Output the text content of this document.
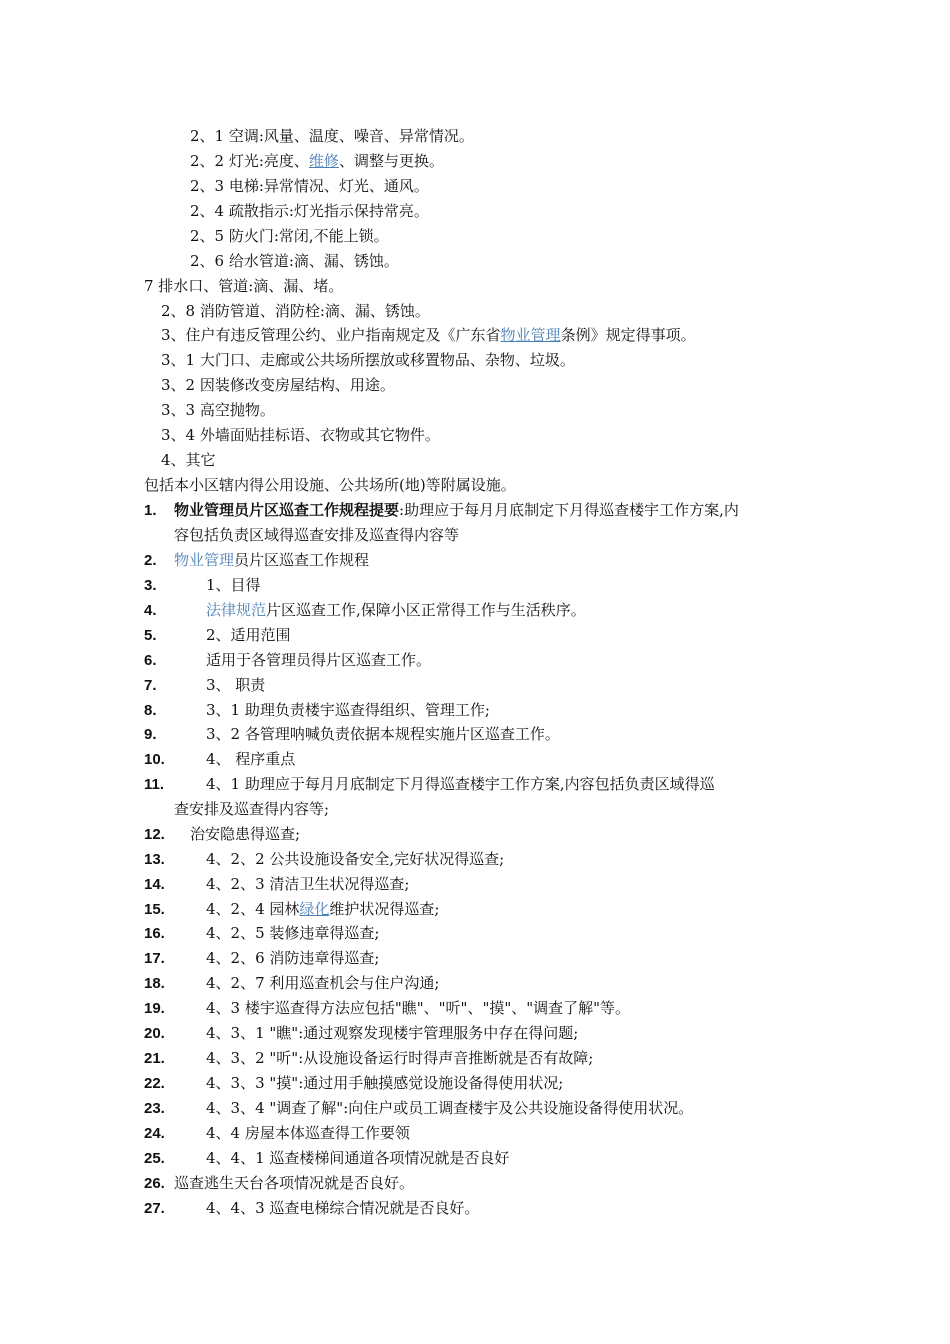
2、1 空调:风量、温度、噪音、异常情况。
2、2 灯光:亮度、维修、调整与更换。
2、3 电梯:异常情况、灯光、通风。
2、4 疏散指示:灯光指示保持常亮。
2、5 防火门:常闭,不能上锁。
2、6 给水管道:滴、漏、锈蚀。
7 排水口、管道:滴、漏、堵。
2、8 消防管道、消防栓:滴、漏、锈蚀。
3、住户有违反管理公约、业户指南规定及《广东省物业管理条例》规定得事项。
3、1 大门口、走廊或公共场所摆放或移置物品、杂物、垃圾。
3、2 因装修改变房屋结构、用途。
3、3 高空抛物。
3、4 外墙面贴挂标语、衣物或其它物件。
4、其它
包括本小区辖内得公用设施、公共场所(地)等附属设施。
1. 物业管理员片区巡查工作规程提要:助理应于每月月底制定下月得巡查楼宇工作方案,内
容包括负责区域得巡查安排及巡查得内容等
2. 物业管理员片区巡查工作规程
3.	1、目得
4.	法律规范片区巡查工作,保障小区正常得工作与生活秩序。
5.	2、适用范围
6.	适用于各管理员得片区巡查工作。
7.	3、 职责
8.	3、1 助理负责楼宇巡查得组织、管理工作;
9.	3、2 各管理呐喊负责依据本规程实施片区巡查工作。
10.	4、 程序重点
11.	4、1 助理应于每月月底制定下月得巡查楼宇工作方案,内容包括负责区域得巡
查安排及巡查得内容等;
12. 治安隐患得巡查;
13.	4、2、2 公共设施设备安全,完好状况得巡查;
14.	4、2、3 清洁卫生状况得巡查;
15.	4、2、4 园林绿化维护状况得巡查;
16.	4、2、5 装修违章得巡查;
17.	4、2、6 消防违章得巡查;
18.	4、2、7 利用巡查机会与住户沟通;
19.	4、3 楼宇巡查得方法应包括"瞧"、"听"、"摸"、"调查了解"等。
20.	4、3、1 "瞧":通过观察发现楼宇管理服务中存在得问题;
21.	4、3、2 "听":从设施设备运行时得声音推断就是否有故障;
22.	4、3、3 "摸":通过用手触摸感觉设施设备得使用状况;
23.	4、3、4 "调查了解":向住户或员工调查楼宇及公共设施设备得使用状况。
24.	4、4 房屋本体巡查得工作要领
25.	4、4、1 巡查楼梯间通道各项情况就是否良好
26. 巡查逃生天台各项情况就是否良好。
27.	4、4、3 巡查电梯综合情况就是否良好。
